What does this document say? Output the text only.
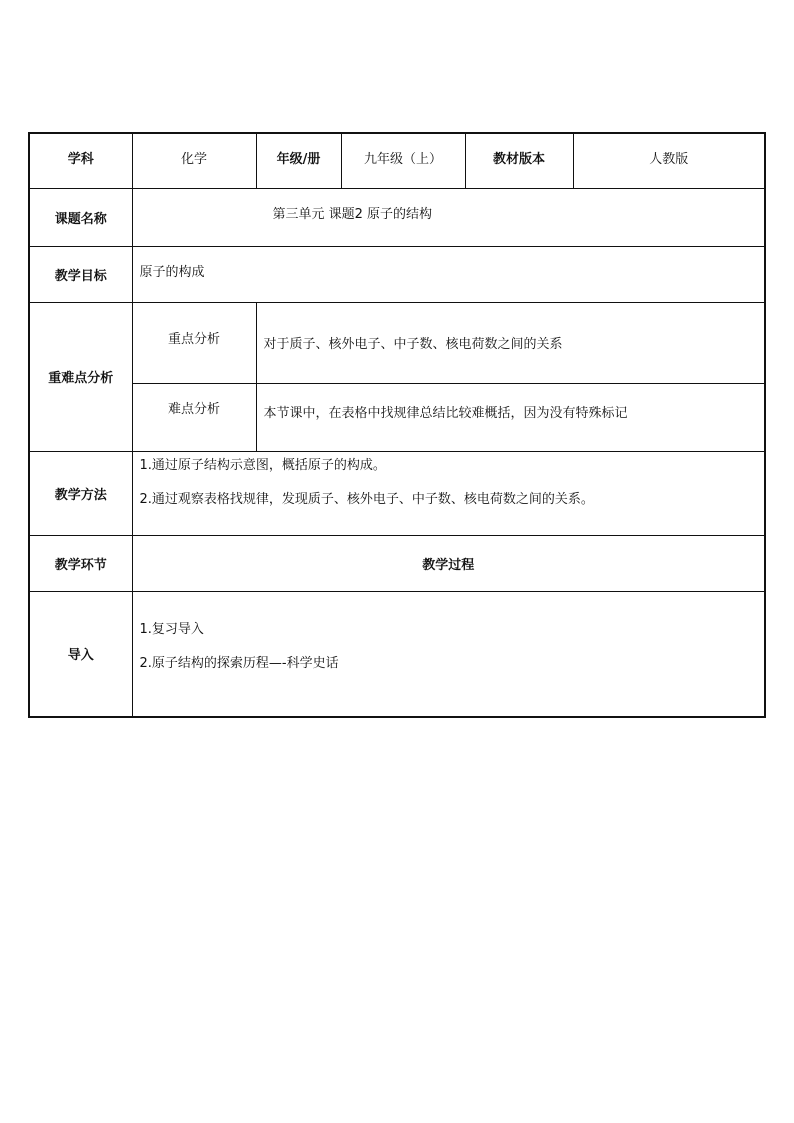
学科	化学	年级/册	九年级（上）	教材版本	人教版
课题名称	第三单元 课题2 原子的结构				
教学目标	原子的构成				
重难点分析	重点分析	对于质子、核外电子、中子数、核电荷数之间的关系			
	难点分析	本节课中，在表格中找规律总结比较难概括，因为没有特殊标记			
教学方法	1.通过原子结构示意图，概括原子的构成。
2.通过观察表格找规律，发现质子、核外电子、中子数、核电荷数之间的关系。				

教学环节	教学过程				
导入	1.复习导入
2.原子结构的探索历程—-科学史话				
